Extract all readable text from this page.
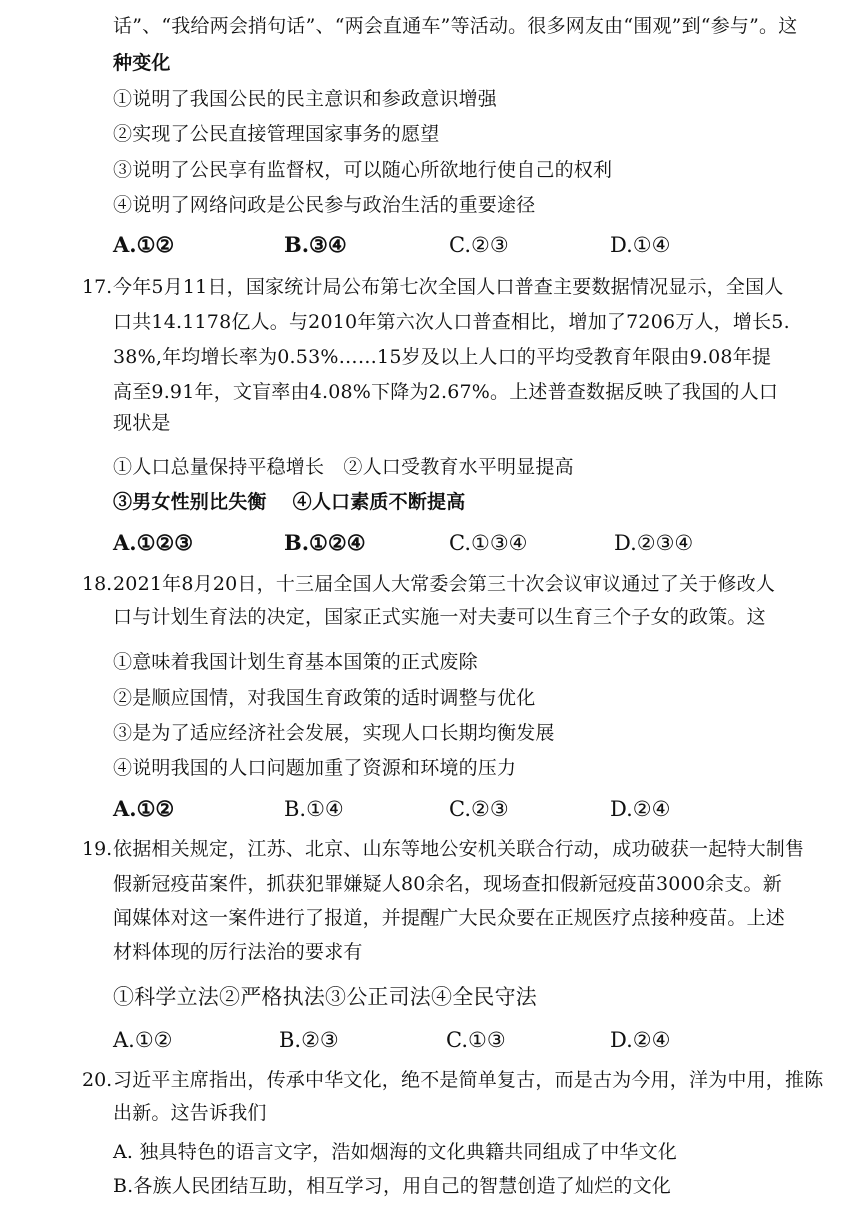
话”、“我给两会捎句话”、“两会直通车”等活动。很多网友由“围观”到“参与”。这
种变化
①说明了我国公民的民主意识和参政意识增强
②实现了公民直接管理国家事务的愿望
③说明了公民享有监督权，可以随心所欲地行使自己的权利
④说明了网络问政是公民参与政治生活的重要途径
A.①②	B.③④	C.②③	D.①④
17. 今年5月11日，国家统计局公布第七次全国人口普查主要数据情况显示，全国人
口共14.1178亿人。与2010年第六次人口普查相比，增加了7206万人，增长5.
38%,年均增长率为0.53%……15岁及以上人口的平均受教育年限由9.08年提
高至9.91年，文盲率由4.08%下降为2.67%。上述普查数据反映了我国的人口
现状是
①人口总量保持平稳增长　②人口受教育水平明显提高
③男女性别比失衡　 ④人口素质不断提高
A.①②③	B.①②④	C.①③④	D.②③④
18. 2021年8月20日，十三届全国人大常委会第三十次会议审议通过了关于修改人
口与计划生育法的决定，国家正式实施一对夫妻可以生育三个子女的政策。这
①意味着我国计划生育基本国策的正式废除
②是顺应国情，对我国生育政策的适时调整与优化
③是为了适应经济社会发展，实现人口长期均衡发展
④说明我国的人口问题加重了资源和环境的压力
A.①②	B.①④	C.②③	D.②④
19. 依据相关规定，江苏、北京、山东等地公安机关联合行动，成功破获一起特大制售
假新冠疫苗案件，抓获犯罪嫌疑人80余名，现场查扣假新冠疫苗3000余支。新
闻媒体对这一案件进行了报道，并提醒广大民众要在正规医疗点接种疫苗。上述
材料体现的厉行法治的要求有
①科学立法②严格执法③公正司法④全民守法
A.①②	B.②③	C.①③	D.②④
20. 习近平主席指出，传承中华文化，绝不是简单复古，而是古为今用，洋为中用，推陈
出新。这告诉我们
A. 独具特色的语言文字，浩如烟海的文化典籍共同组成了中华文化
B.各族人民团结互助，相互学习，用自己的智慧创造了灿烂的文化
